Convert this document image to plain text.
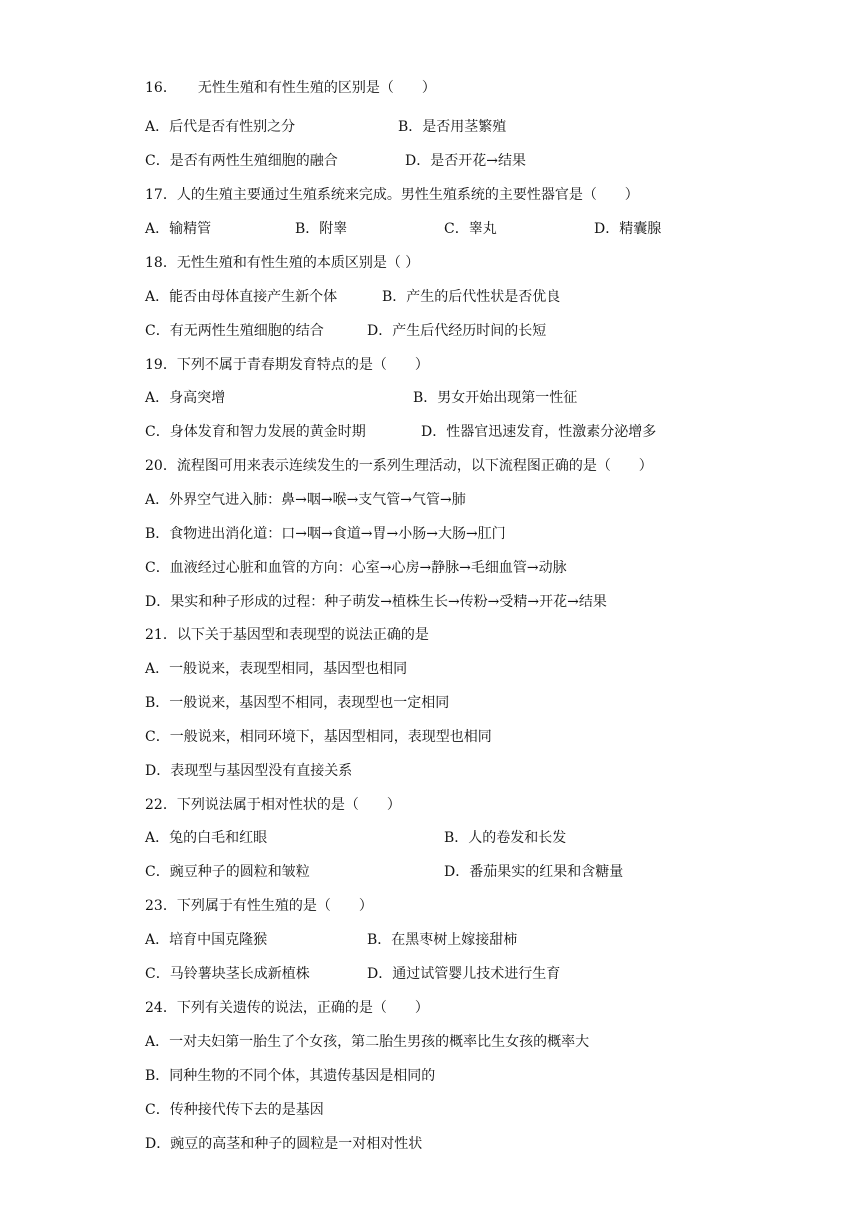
16．　　无性生殖和有性生殖的区别是（　　）
A．后代是否有性别之分	B．是否用茎繁殖
C．是否有两性生殖细胞的融合	D．是否开花→结果
17．人的生殖主要通过生殖系统来完成。男性生殖系统的主要性器官是（　　）
A．输精管	B．附睾	C．睾丸	D．精囊腺
18．无性生殖和有性生殖的本质区别是（ ）
A．能否由母体直接产生新个体	B．产生的后代性状是否优良
C．有无两性生殖细胞的结合	D．产生后代经历时间的长短
19．下列不属于青春期发育特点的是（　　）
A．身高突增	B．男女开始出现第一性征
C．身体发育和智力发展的黄金时期	D．性器官迅速发育，性激素分泌增多
20．流程图可用来表示连续发生的一系列生理活动，以下流程图正确的是（　　）
A．外界空气进入肺：鼻→咽→喉→支气管→气管→肺
B．食物进出消化道：口→咽→食道→胃→小肠→大肠→肛门
C．血液经过心脏和血管的方向：心室→心房→静脉→毛细血管→动脉
D．果实和种子形成的过程：种子萌发→植株生长→传粉→受精→开花→结果
21．以下关于基因型和表现型的说法正确的是
A．一般说来，表现型相同，基因型也相同
B．一般说来，基因型不相同，表现型也一定相同
C．一般说来，相同环境下，基因型相同，表现型也相同
D．表现型与基因型没有直接关系
22．下列说法属于相对性状的是（　　）
A．兔的白毛和红眼	B．人的卷发和长发
C．豌豆种子的圆粒和皱粒	D．番茄果实的红果和含糖量
23．下列属于有性生殖的是（　　）
A．培育中国克隆猴	B．在黑枣树上嫁接甜柿
C．马铃薯块茎长成新植株	D．通过试管婴儿技术进行生育
24．下列有关遗传的说法，正确的是（　　）
A．一对夫妇第一胎生了个女孩，第二胎生男孩的概率比生女孩的概率大
B．同种生物的不同个体，其遗传基因是相同的
C．传种接代传下去的是基因
D．豌豆的高茎和种子的圆粒是一对相对性状
